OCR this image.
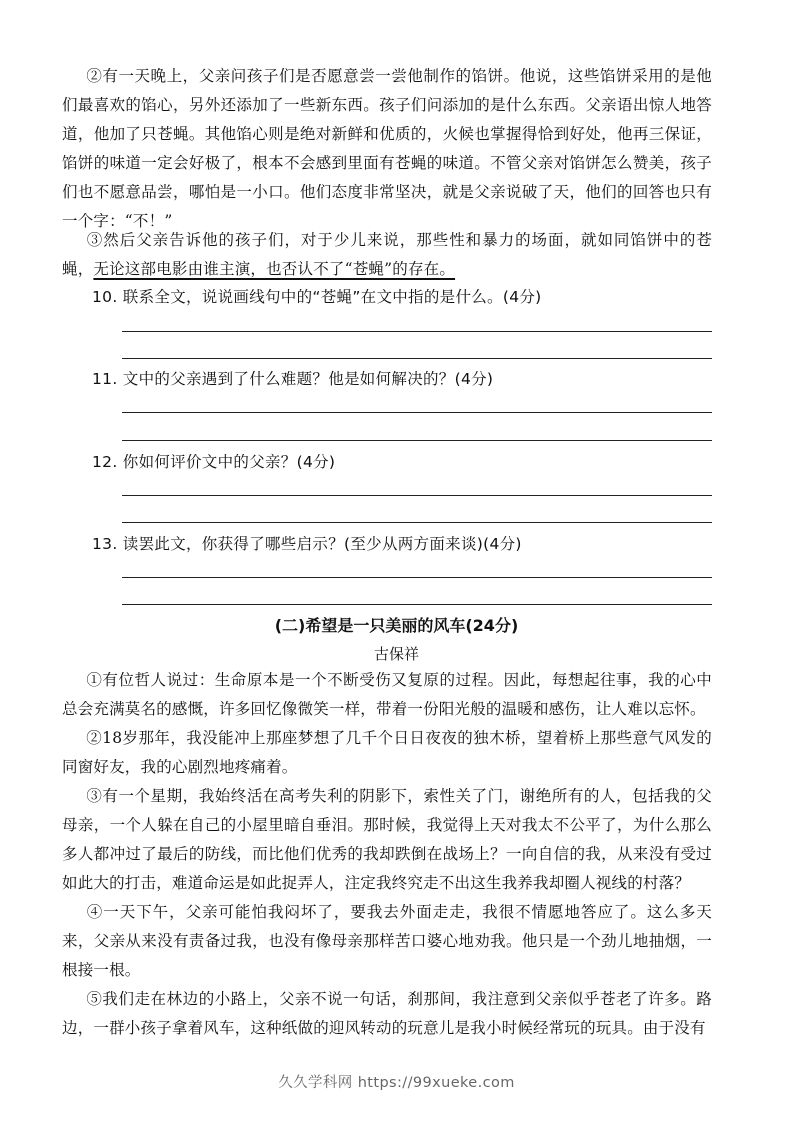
②有一天晚上，父亲问孩子们是否愿意尝一尝他制作的馅饼。他说，这些馅饼采用的是他们最喜欢的馅心，另外还添加了一些新东西。孩子们问添加的是什么东西。父亲语出惊人地答道，他加了只苍蝇。其他馅心则是绝对新鲜和优质的，火候也掌握得恰到好处，他再三保证，馅饼的味道一定会好极了，根本不会感到里面有苍蝇的味道。不管父亲对馅饼怎么赞美，孩子们也不愿意品尝，哪怕是一小口。他们态度非常坚决，就是父亲说破了天，他们的回答也只有一个字：“不！”

③然后父亲告诉他的孩子们，对于少儿来说，那些性和暴力的场面，就如同馅饼中的苍蝇，无论这部电影由谁主演，也否认不了“苍蝇”的存在。

10. 联系全文，说说画线句中的“苍蝇”在文中指的是什么。(4分)

11. 文中的父亲遇到了什么难题？他是如何解决的？(4分)

12. 你如何评价文中的父亲？(4分)

13. 读罢此文，你获得了哪些启示？(至少从两方面来谈)(4分)

(二)希望是一只美丽的风车(24分)
古保祥

①有位哲人说过：生命原本是一个不断受伤又复原的过程。因此，每想起往事，我的心中总会充满莫名的感慨，许多回忆像微笑一样，带着一份阳光般的温暖和感伤，让人难以忘怀。

②18岁那年，我没能冲上那座梦想了几千个日日夜夜的独木桥，望着桥上那些意气风发的同窗好友，我的心剧烈地疼痛着。

③有一个星期，我始终活在高考失利的阴影下，索性关了门，谢绝所有的人，包括我的父母亲，一个人躲在自己的小屋里暗自垂泪。那时候，我觉得上天对我太不公平了，为什么那么多人都冲过了最后的防线，而比他们优秀的我却跌倒在战场上？一向自信的我，从来没有受过如此大的打击，难道命运是如此捉弄人，注定我终究走不出这生我养我却圈人视线的村落？

④一天下午，父亲可能怕我闷坏了，要我去外面走走，我很不情愿地答应了。这么多天来，父亲从来没有责备过我，也没有像母亲那样苦口婆心地劝我。他只是一个劲儿地抽烟，一根接一根。

⑤我们走在林边的小路上，父亲不说一句话，刹那间，我注意到父亲似乎苍老了许多。路边，一群小孩子拿着风车，这种纸做的迎风转动的玩意儿是我小时候经常玩的玩具。由于没有

久久学科网 https://99xueke.com
